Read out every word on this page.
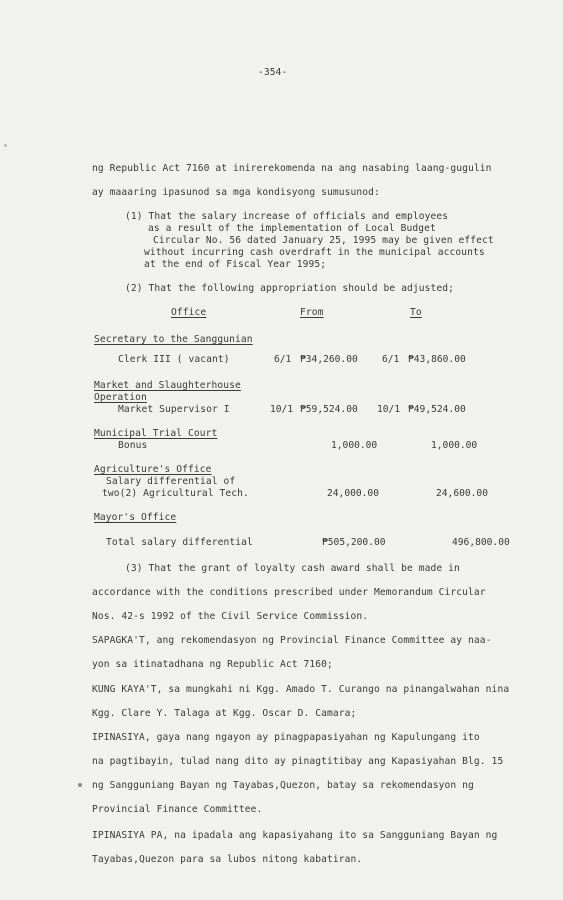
-354-
ng Republic Act 7160 at inirerekomenda na ang nasabing laang-gugulin
ay maaaring ipasunod sa mga kondisyong sumusunod:
(1) That the salary increase of officials and employees
as a result of the implementation of Local Budget
Circular No. 56 dated January 25, 1995 may be given effect
without incurring cash overdraft in the municipal accounts
at the end of Fiscal Year 1995;
(2) That the following appropriation should be adjusted;
Office	From	To
Secretary to the Sanggunian
Clerk III ( vacant)	6/1 ₱34,260.00	6/1 ₱43,860.00
Market and Slaughterhouse
Operation
Market Supervisor I	10/1 ₱59,524.00 10/1 ₱49,524.00
Municipal Trial Court
Bonus	1,000.00	1,000.00
Agriculture's Office
Salary differential of
two(2) Agricultural Tech.	24,000.00	24,600.00
Mayor's Office
Total salary differential	₱505,200.00	496,800.00
(3) That the grant of loyalty cash award shall be made in
accordance with the conditions prescribed under Memorandum Circular
Nos. 42-s 1992 of the Civil Service Commission.
SAPAGKA'T, ang rekomendasyon ng Provincial Finance Committee ay naa-
yon sa itinatadhana ng Republic Act 7160;
KUNG KAYA'T, sa mungkahi ni Kgg. Amado T. Curango na pinangalwahan nina
Kgg. Clare Y. Talaga at Kgg. Oscar D. Camara;
IPINASIYA, gaya nang ngayon ay pinagpapasiyahan ng Kapulungang ito
na pagtibayin, tulad nang dito ay pinagtitibay ang Kapasiyahan Blg. 15
ng Sangguniang Bayan ng Tayabas,Quezon, batay sa rekomendasyon ng
Provincial Finance Committee.
IPINASIYA PA, na ipadala ang kapasiyahang ito sa Sangguniang Bayan ng
Tayabas,Quezon para sa lubos nitong kabatiran.
